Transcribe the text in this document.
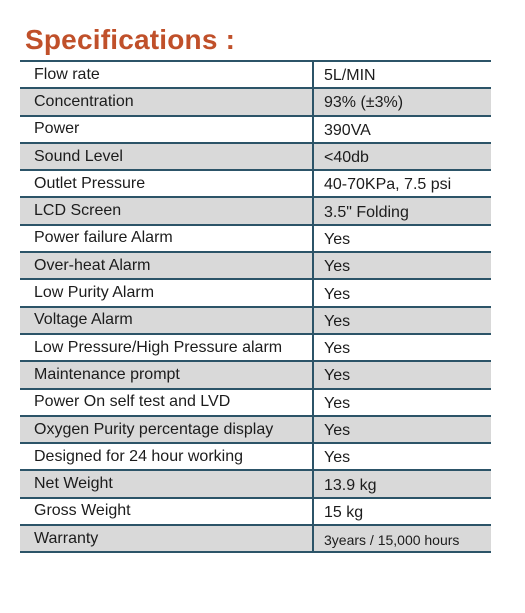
Specifications :
Flow rate	5L/MIN
Concentration	93% (±3%)
Power	390VA
Sound Level	<40db
Outlet Pressure	40-70KPa, 7.5 psi
LCD Screen	3.5" Folding
Power failure Alarm	Yes
Over-heat Alarm	Yes
Low Purity Alarm	Yes
Voltage Alarm	Yes
Low Pressure/High Pressure alarm	Yes
Maintenance prompt	Yes
Power On self test and LVD	Yes
Oxygen Purity percentage display	Yes
Designed for 24 hour working	Yes
Net Weight	13.9 kg
Gross Weight	15 kg
Warranty	3years / 15,000 hours
